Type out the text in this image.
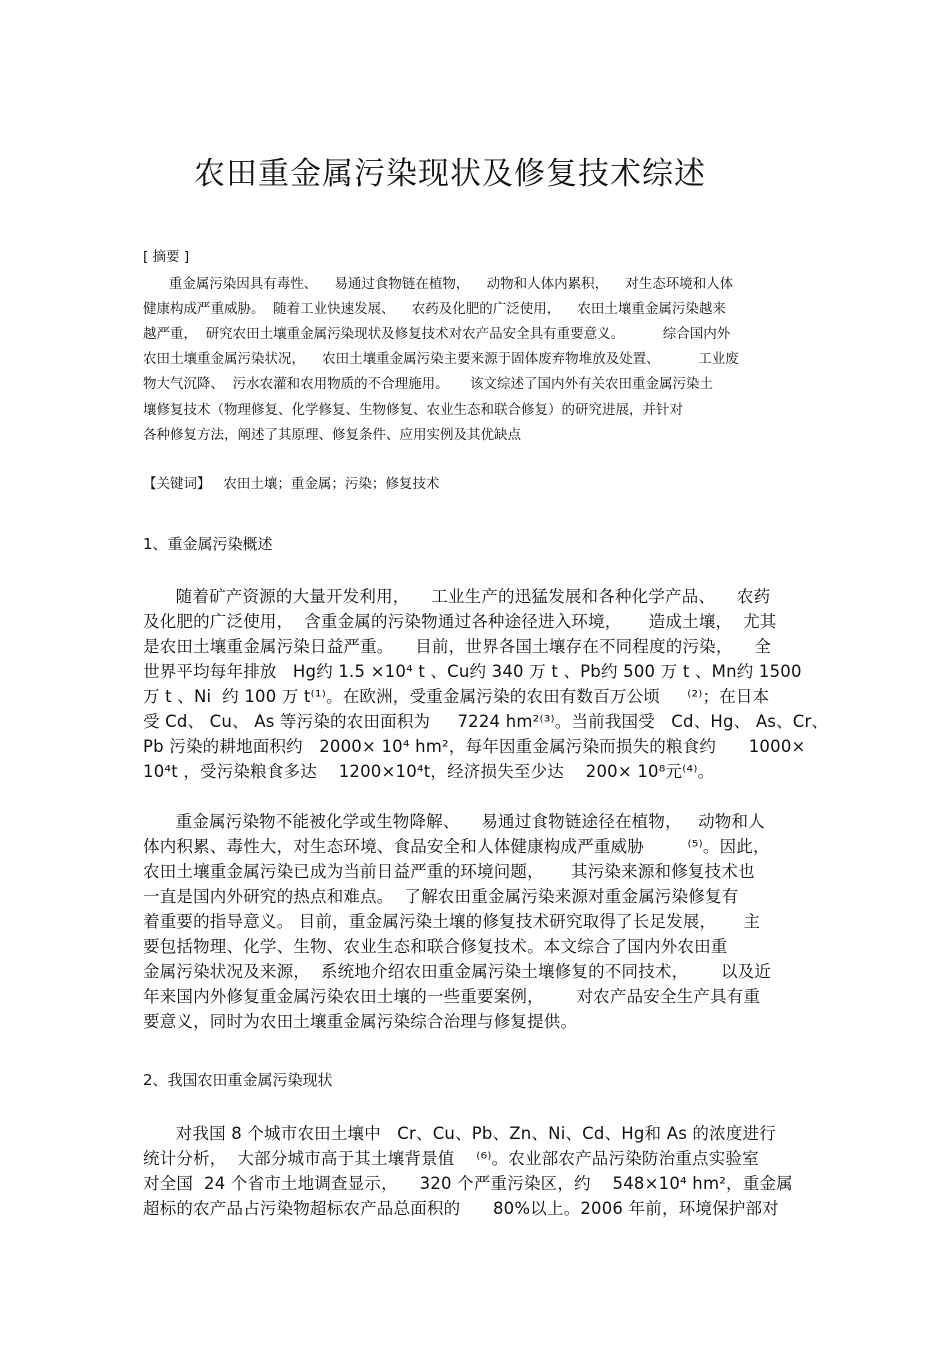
农田重金属污染现状及修复技术综述
[ 摘要 ]
重金属污染因具有毒性、    易通过食物链在植物，    动物和人体内累积，    对生态环境和人体
健康构成严重威胁。  随着工业快速发展、    农药及化肥的广泛使用，    农田土壤重金属污染越来
越严重，  研究农田土壤重金属污染现状及修复技术对农产品安全具有重要意义。         综合国内外
农田土壤重金属污染状况，    农田土壤重金属污染主要来源于固体废弃物堆放及处置、         工业废
物大气沉降、  污水农灌和农用物质的不合理施用。     该文综述了国内外有关农田重金属污染土
壤修复技术（物理修复、化学修复、生物修复、农业生态和联合修复）的研究进展，并针对
各种修复方法，阐述了其原理、修复条件、应用实例及其优缺点
【关键词】   农田土壤；重金属；污染；修复技术
1、重金属污染概述
随着矿产资源的大量开发利用，    工业生产的迅猛发展和各种化学产品、    农药
及化肥的广泛使用，  含重金属的污染物通过各种途径进入环境，     造成土壤，  尤其
是农田土壤重金属污染日益严重。    目前，世界各国土壤存在不同程度的污染，    全
世界平均每年排放   Hg约 1.5 ×10⁴ t 、Cu约 340 万 t 、Pb约 500 万 t 、Mn约 1500
万 t 、Ni  约 100 万 t⁽¹⁾。在欧洲，受重金属污染的农田有数百万公顷     ⁽²⁾；在日本
受 Cd、 Cu、 As 等污染的农田面积为     7224 hm²⁽³⁾。当前我国受   Cd、Hg、 As、Cr、
Pb 污染的耕地面积约   2000× 10⁴ hm²，每年因重金属污染而损失的粮食约      1000×
10⁴t ，受污染粮食多达    1200×10⁴t，经济损失至少达    200× 10⁸元⁽⁴⁾。
重金属污染物不能被化学或生物降解、    易通过食物链途径在植物，   动物和人
体内积累、毒性大，对生态环境、食品安全和人体健康构成严重威胁        ⁽⁵⁾。因此，
农田土壤重金属污染已成为当前日益严重的环境问题，     其污染来源和修复技术也
一直是国内外研究的热点和难点。  了解农田重金属污染来源对重金属污染修复有
着重要的指导意义。 目前，重金属污染土壤的修复技术研究取得了长足发展，     主
要包括物理、化学、生物、农业生态和联合修复技术。本文综合了国内外农田重
金属污染状况及来源，  系统地介绍农田重金属污染土壤修复的不同技术，      以及近
年来国内外修复重金属污染农田土壤的一些重要案例，      对农产品安全生产具有重
要意义，同时为农田土壤重金属污染综合治理与修复提供。
2、我国农田重金属污染现状
对我国 8 个城市农田土壤中   Cr、Cu、Pb、Zn、Ni、Cd、Hg和 As 的浓度进行
统计分析，  大部分城市高于其土壤背景值    ⁽⁶⁾。农业部农产品污染防治重点实验室
对全国  24 个省市土地调查显示，    320 个严重污染区，约    548×10⁴ hm²，重金属
超标的农产品占污染物超标农产品总面积的      80%以上。2006 年前，环境保护部对
